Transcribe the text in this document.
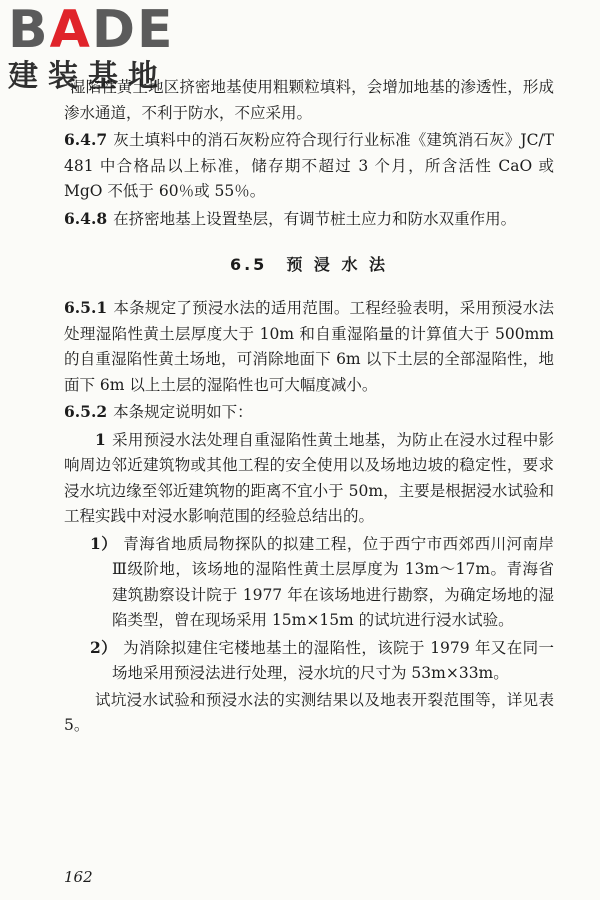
BADE
建装基地

湿陷性黄土地区挤密地基使用粗颗粒填料，会增加地基的渗透性，形成渗水通道，不利于防水，不应采用。

6.4.7 灰土填料中的消石灰粉应符合现行行业标准《建筑消石灰》JC/T 481 中合格品以上标准，储存期不超过 3 个月，所含活性 CaO 或 MgO 不低于 60％或 55％。

6.4.8 在挤密地基上设置垫层，有调节桩土应力和防水双重作用。

6.5　预 浸 水 法

6.5.1 本条规定了预浸水法的适用范围。工程经验表明，采用预浸水法处理湿陷性黄土层厚度大于 10m 和自重湿陷量的计算值大于 500mm 的自重湿陷性黄土场地，可消除地面下 6m 以下土层的全部湿陷性，地面下 6m 以上土层的湿陷性也可大幅度减小。

6.5.2 本条规定说明如下：

1 采用预浸水法处理自重湿陷性黄土地基，为防止在浸水过程中影响周边邻近建筑物或其他工程的安全使用以及场地边坡的稳定性，要求浸水坑边缘至邻近建筑物的距离不宜小于 50m，主要是根据浸水试验和工程实践中对浸水影响范围的经验总结出的。

1） 青海省地质局物探队的拟建工程，位于西宁市西郊西川河南岸Ⅲ级阶地，该场地的湿陷性黄土层厚度为 13m～17m。青海省建筑勘察设计院于 1977 年在该场地进行勘察，为确定场地的湿陷类型，曾在现场采用 15m×15m 的试坑进行浸水试验。

2） 为消除拟建住宅楼地基土的湿陷性，该院于 1979 年又在同一场地采用预浸法进行处理，浸水坑的尺寸为 53m×33m。

试坑浸水试验和预浸水法的实测结果以及地表开裂范围等，详见表 5。

162
